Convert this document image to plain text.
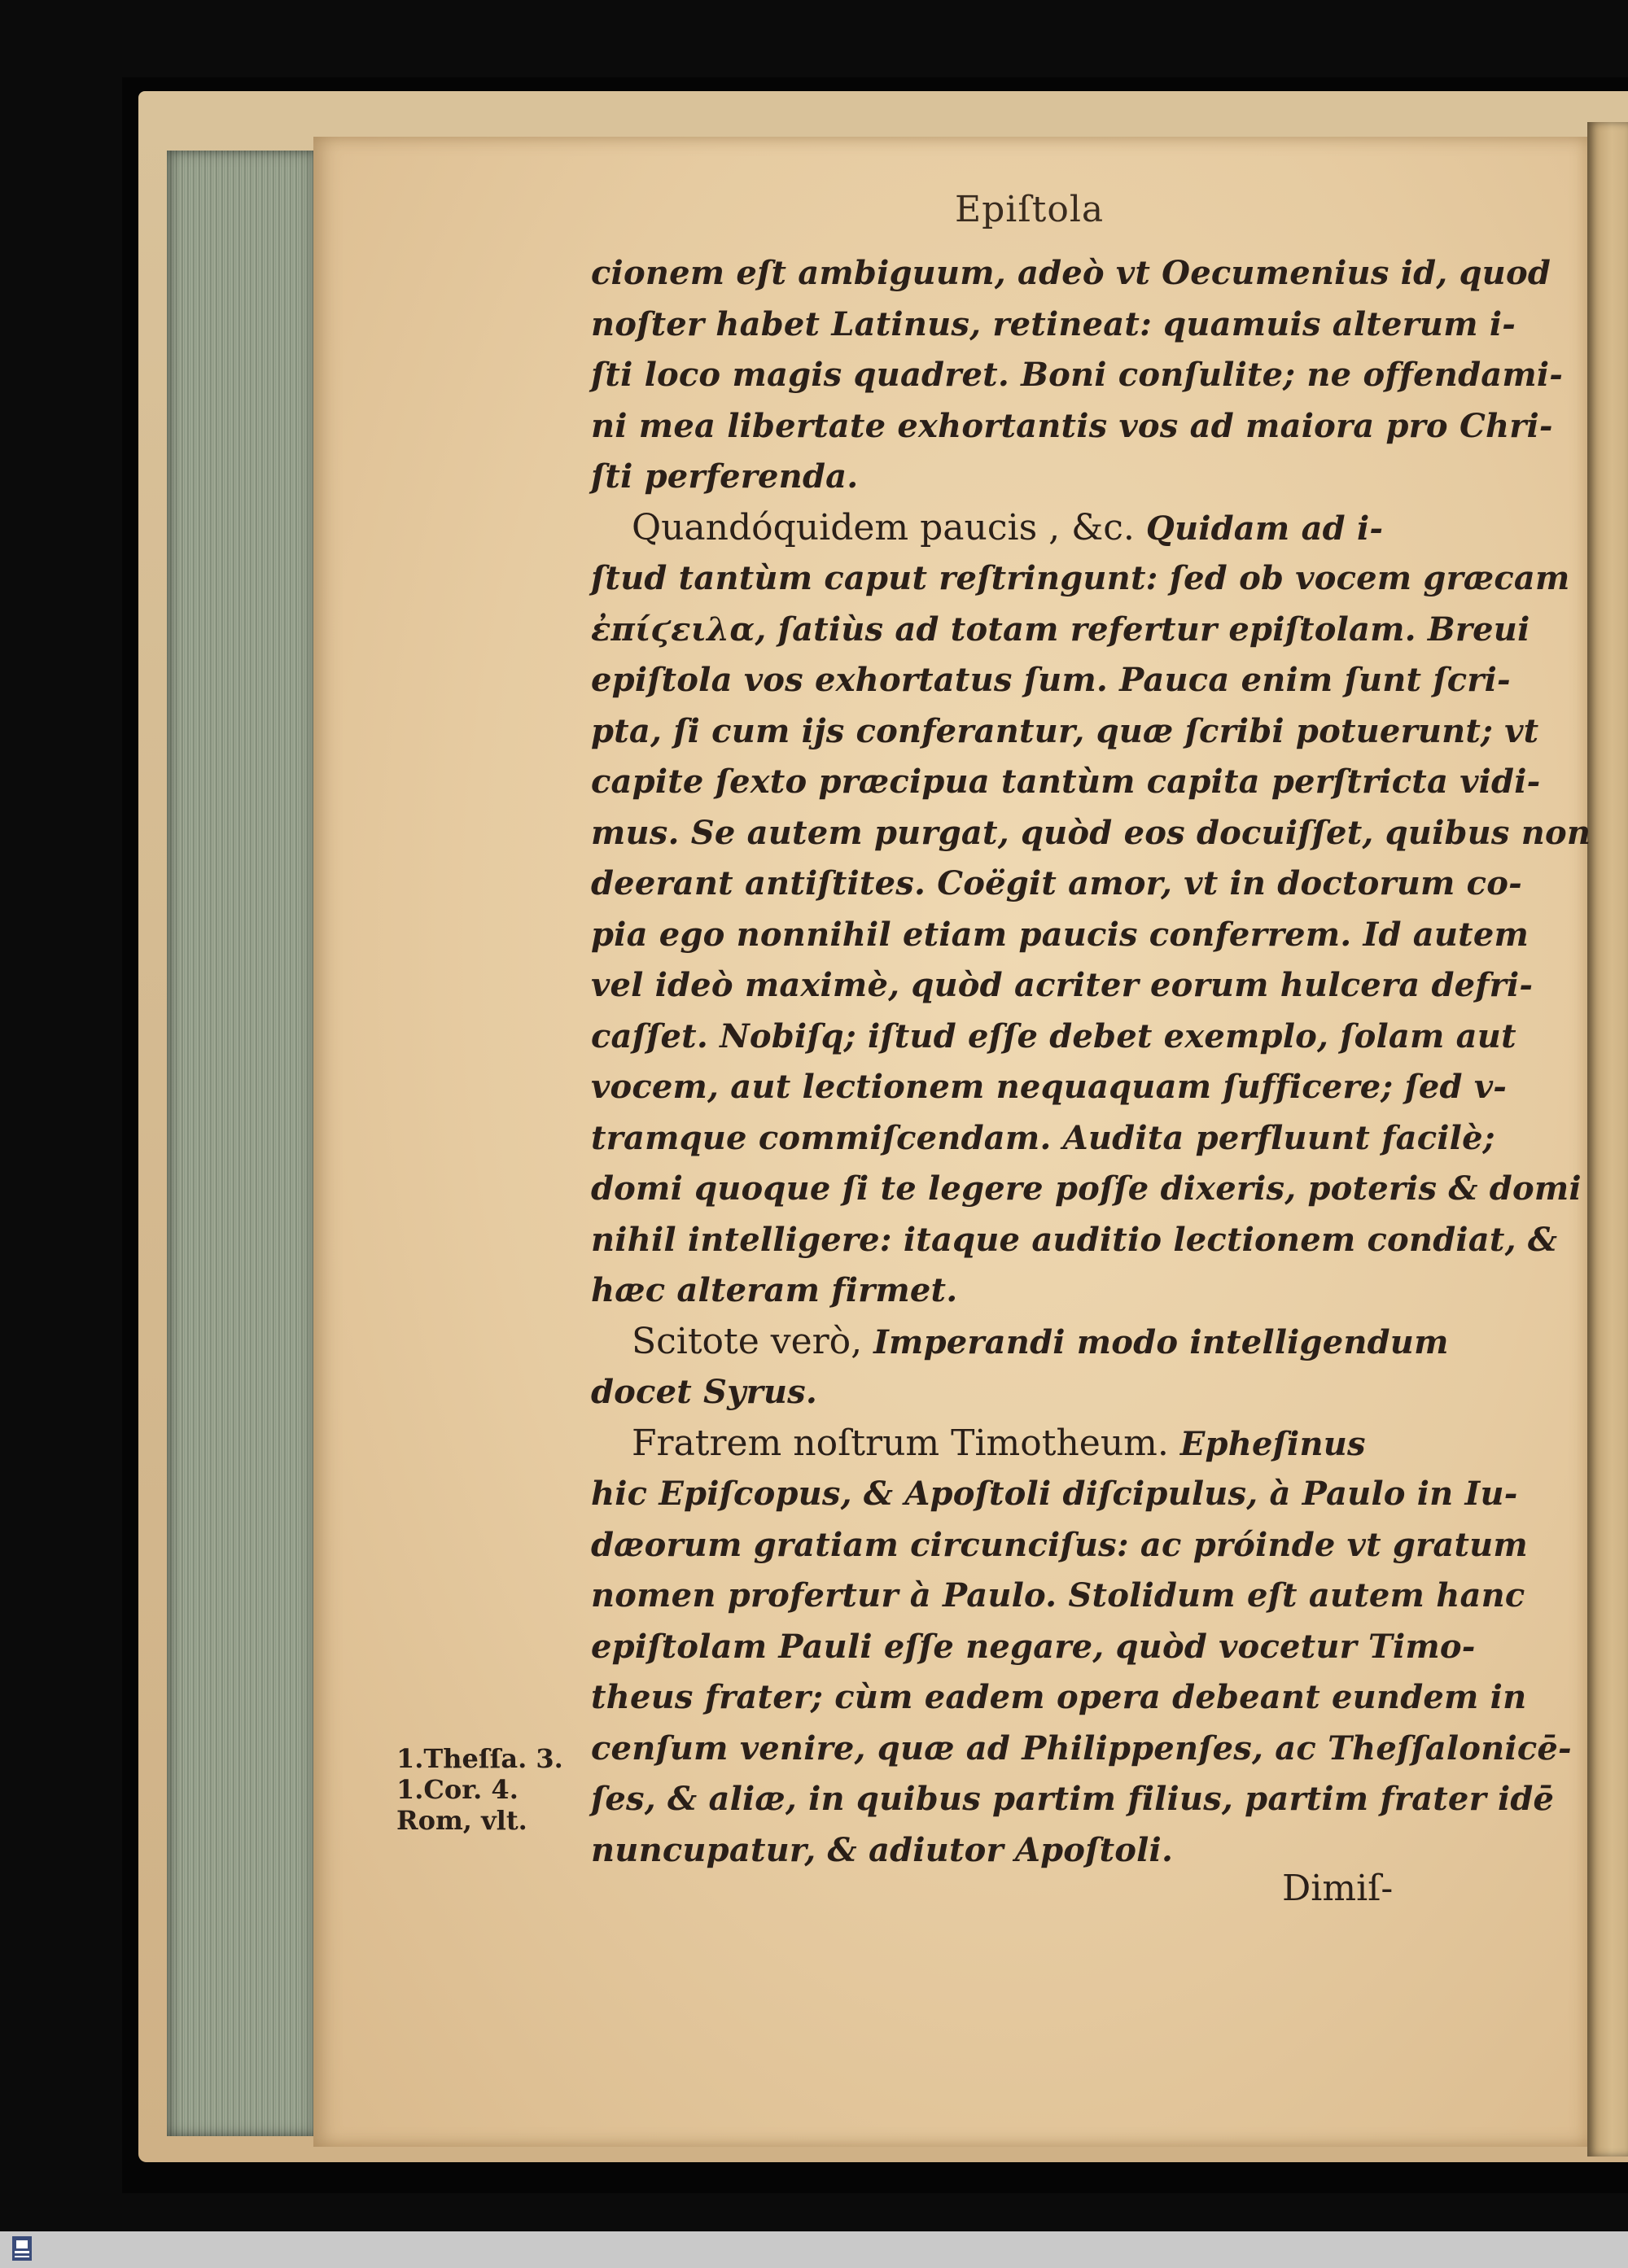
Epiſtola
cionem eſt ambiguum, adeò vt Oecumenius id, quod
noſter habet Latinus, retineat: quamuis alterum i-
ſti loco magis quadret. Boni conſulite; ne offendami-
ni mea libertate exhortantis vos ad maiora pro Chri-
ſti perferenda.
Quandóquidem paucis , &c. Quidam ad i-
ſtud tantùm caput reſtringunt: ſed ob vocem græcam
ἐπίϛειλα, ſatiùs ad totam refertur epiſtolam. Breui
epiſtola vos exhortatus ſum. Pauca enim ſunt ſcri-
pta, ſi cum ijs conferantur, quæ ſcribi potuerunt; vt
capite ſexto præcipua tantùm capita perſtricta vidi-
mus. Se autem purgat, quòd eos docuiſſet, quibus non
deerant antiſtites. Coëgit amor, vt in doctorum co-
pia ego nonnihil etiam paucis conferrem. Id autem
vel ideò maximè, quòd acriter eorum hulcera defri-
caſſet. Nobiſq; iſtud eſſe debet exemplo, ſolam aut
vocem, aut lectionem nequaquam ſufficere; ſed v-
tramque commiſcendam. Audita perfluunt facilè;
domi quoque ſi te legere poſſe dixeris, poteris & domi
nihil intelligere: itaque auditio lectionem condiat, &
hæc alteram firmet.
Scitote verò, Imperandi modo intelligendum
docet Syrus.
Fratrem noſtrum Timotheum. Epheſinus
hic Epiſcopus, & Apoſtoli diſcipulus, à Paulo in Iu-
dæorum gratiam circunciſus: ac próinde vt gratum
nomen profertur à Paulo. Stolidum eſt autem hanc
epiſtolam Pauli eſſe negare, quòd vocetur Timo-
theus frater; cùm eadem opera debeant eundem in
cenſum venire, quæ ad Philippenſes, ac Theſſalonicē-
ſes, & aliæ, in quibus partim filius, partim frater idē
nuncupatur, & adiutor Apoſtoli.
1.Theſſa. 3.
1.Cor. 4.
Rom, vlt.
Dimiſ-
